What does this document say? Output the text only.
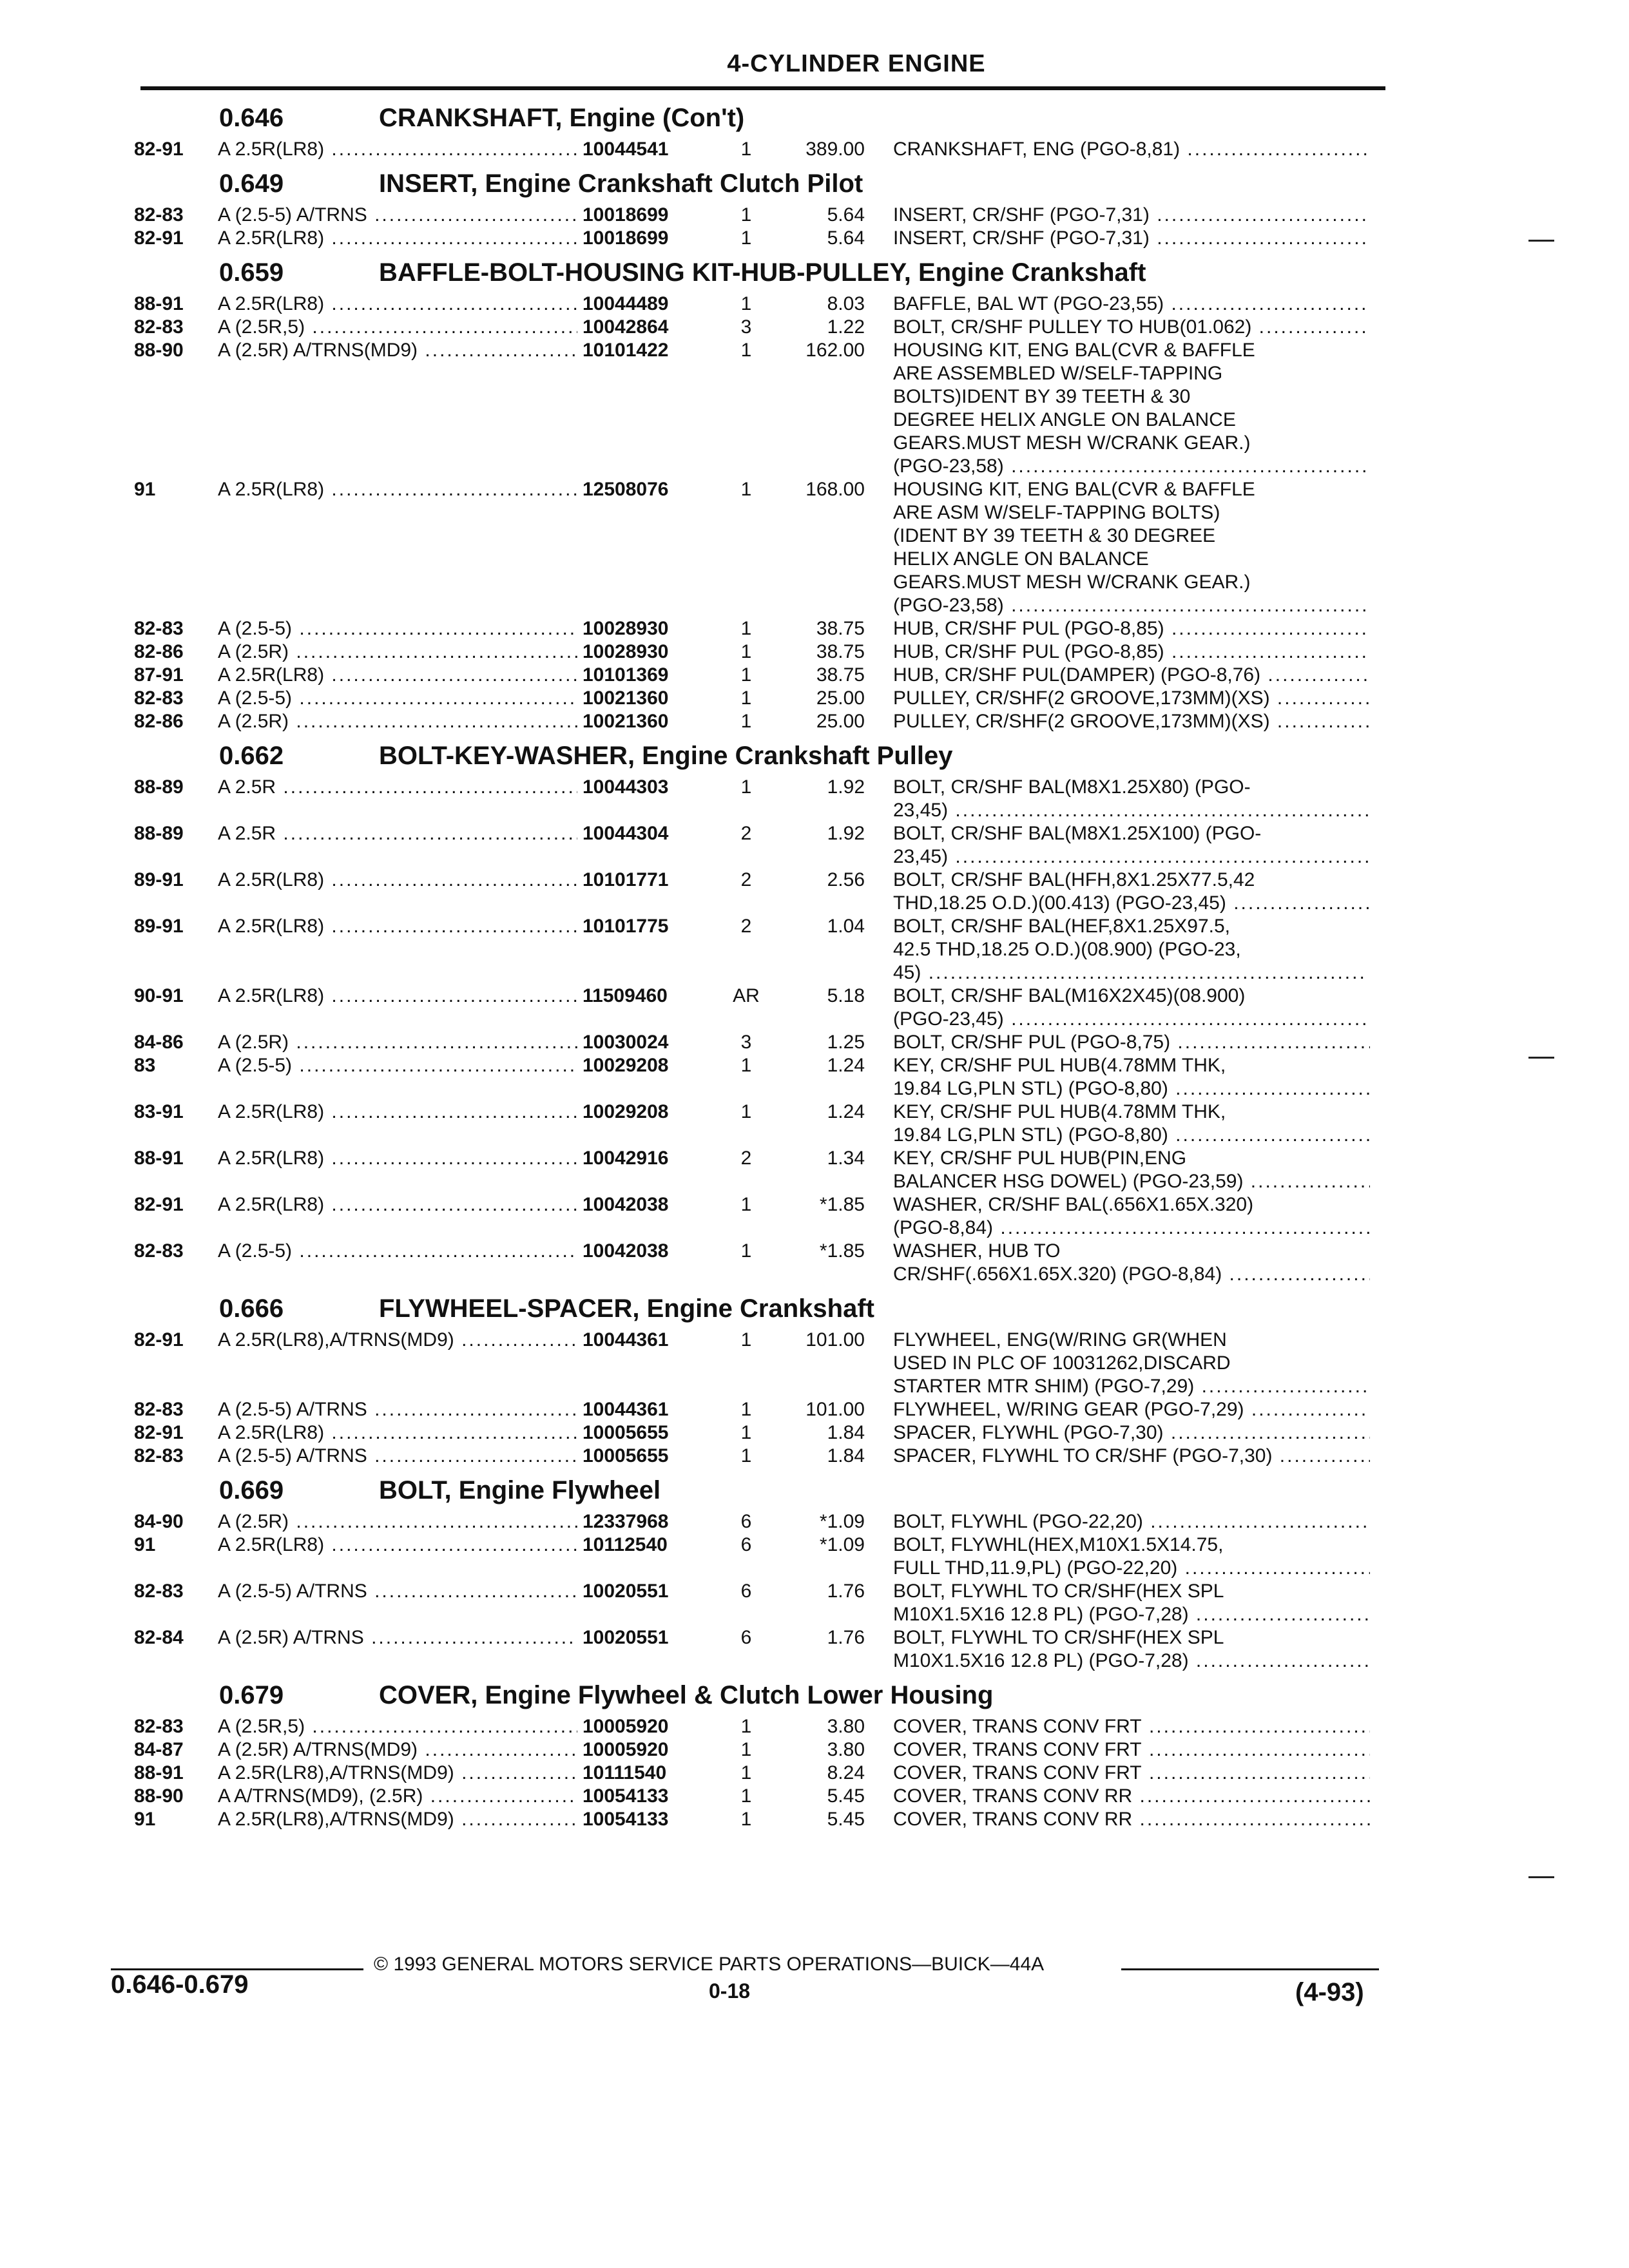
4-CYLINDER ENGINE
0.646	CRANKSHAFT, Engine (Con't)
82-91 A 2.5R(LR8) .....	10044541	1	389.00 CRANKSHAFT, ENG (PGO-8,81) .....
0.649	INSERT, Engine Crankshaft Clutch Pilot
82-83 A (2.5-5) A/TRNS .....	10018699	1	5.64 INSERT, CR/SHF (PGO-7,31) .....
82-91 A 2.5R(LR8) .....	10018699	1	5.64 INSERT, CR/SHF (PGO-7,31) .....
0.659	BAFFLE-BOLT-HOUSING KIT-HUB-PULLEY, Engine Crankshaft
88-91 A 2.5R(LR8) .....	10044489	1	8.03 BAFFLE, BAL WT (PGO-23,55) .....
82-83 A (2.5R,5) .....	10042864	3	1.22 BOLT, CR/SHF PULLEY TO HUB(01.062) .....
88-90 A (2.5R) A/TRNS(MD9) .....	10101422	1	162.00 HOUSING KIT, ENG BAL(CVR & BAFFLE
ARE ASSEMBLED W/SELF-TAPPING
BOLTS)IDENT BY 39 TEETH & 30
DEGREE HELIX ANGLE ON BALANCE
GEARS.MUST MESH W/CRANK GEAR.)
(PGO-23,58) .....
91	A 2.5R(LR8) .....	12508076	1	168.00 HOUSING KIT, ENG BAL(CVR & BAFFLE
ARE ASM W/SELF-TAPPING BOLTS)
(IDENT BY 39 TEETH & 30 DEGREE
HELIX ANGLE ON BALANCE
GEARS.MUST MESH W/CRANK GEAR.)
(PGO-23,58) .....
82-83 A (2.5-5) .....	10028930	1	38.75 HUB, CR/SHF PUL (PGO-8,85) .....
82-86 A (2.5R) .....	10028930	1	38.75 HUB, CR/SHF PUL (PGO-8,85) .....
87-91 A 2.5R(LR8) .....	10101369	1	38.75 HUB, CR/SHF PUL(DAMPER) (PGO-8,76) .....
82-83 A (2.5-5) .....	10021360	1	25.00 PULLEY, CR/SHF(2 GROOVE,173MM)(XS) .....
82-86 A (2.5R) .....	10021360	1	25.00 PULLEY, CR/SHF(2 GROOVE,173MM)(XS) .....
0.662	BOLT-KEY-WASHER, Engine Crankshaft Pulley
88-89 A 2.5R .....	10044303	1	1.92 BOLT, CR/SHF BAL(M8X1.25X80) (PGO-
23,45) .....
88-89 A 2.5R .....	10044304	2	1.92 BOLT, CR/SHF BAL(M8X1.25X100) (PGO-
23,45) .....
89-91 A 2.5R(LR8) .....	10101771	2	2.56 BOLT, CR/SHF BAL(HFH,8X1.25X77.5,42
THD,18.25 O.D.)(00.413) (PGO-23,45) .....
89-91 A 2.5R(LR8) .....	10101775	2	1.04 BOLT, CR/SHF BAL(HEF,8X1.25X97.5,
42.5 THD,18.25 O.D.)(08.900) (PGO-23,
45) .....
90-91 A 2.5R(LR8) .....	11509460	AR	5.18 BOLT, CR/SHF BAL(M16X2X45)(08.900)
(PGO-23,45) .....
84-86 A (2.5R) .....	10030024	3	1.25 BOLT, CR/SHF PUL (PGO-8,75) .....
83	A (2.5-5) .....	10029208	1	1.24 KEY, CR/SHF PUL HUB(4.78MM THK,
19.84 LG,PLN STL) (PGO-8,80) .....
83-91 A 2.5R(LR8) .....	10029208	1	1.24 KEY, CR/SHF PUL HUB(4.78MM THK,
19.84 LG,PLN STL) (PGO-8,80) .....
88-91 A 2.5R(LR8) .....	10042916	2	1.34 KEY, CR/SHF PUL HUB(PIN,ENG
BALANCER HSG DOWEL) (PGO-23,59) .....
82-91 A 2.5R(LR8) .....	10042038	1	*1.85 WASHER, CR/SHF BAL(.656X1.65X.320)
(PGO-8,84) .....
82-83 A (2.5-5) .....	10042038	1	*1.85 WASHER, HUB TO
CR/SHF(.656X1.65X.320) (PGO-8,84) .....
0.666	FLYWHEEL-SPACER, Engine Crankshaft
82-91 A 2.5R(LR8),A/TRNS(MD9) .....	10044361	1	101.00 FLYWHEEL, ENG(W/RING GR(WHEN
USED IN PLC OF 10031262,DISCARD
STARTER MTR SHIM) (PGO-7,29) .....
82-83 A (2.5-5) A/TRNS .....	10044361	1	101.00 FLYWHEEL, W/RING GEAR (PGO-7,29) .....
82-91 A 2.5R(LR8) .....	10005655	1	1.84 SPACER, FLYWHL (PGO-7,30) .....
82-83 A (2.5-5) A/TRNS .....	10005655	1	1.84 SPACER, FLYWHL TO CR/SHF (PGO-7,30) .....
0.669	BOLT, Engine Flywheel
84-90 A (2.5R) .....	12337968	6	*1.09 BOLT, FLYWHL (PGO-22,20) .....
91	A 2.5R(LR8) .....	10112540	6	*1.09 BOLT, FLYWHL(HEX,M10X1.5X14.75,
FULL THD,11.9,PL) (PGO-22,20) .....
82-83 A (2.5-5) A/TRNS .....	10020551	6	1.76 BOLT, FLYWHL TO CR/SHF(HEX SPL
M10X1.5X16 12.8 PL) (PGO-7,28) .....
82-84 A (2.5R) A/TRNS .....	10020551	6	1.76 BOLT, FLYWHL TO CR/SHF(HEX SPL
M10X1.5X16 12.8 PL) (PGO-7,28) .....
0.679	COVER, Engine Flywheel & Clutch Lower Housing
82-83 A (2.5R,5) .....	10005920	1	3.80 COVER, TRANS CONV FRT .....
84-87 A (2.5R) A/TRNS(MD9) .....	10005920	1	3.80 COVER, TRANS CONV FRT .....
88-91 A 2.5R(LR8),A/TRNS(MD9) .....	10111540	1	8.24 COVER, TRANS CONV FRT .....
88-90 A A/TRNS(MD9), (2.5R) .....	10054133	1	5.45 COVER, TRANS CONV RR .....
91	A 2.5R(LR8),A/TRNS(MD9) .....	10054133	1	5.45 COVER, TRANS CONV RR .....
© 1993 GENERAL MOTORS SERVICE PARTS OPERATIONS—BUICK—44A
0.646-0.679	0-18	(4-93)
